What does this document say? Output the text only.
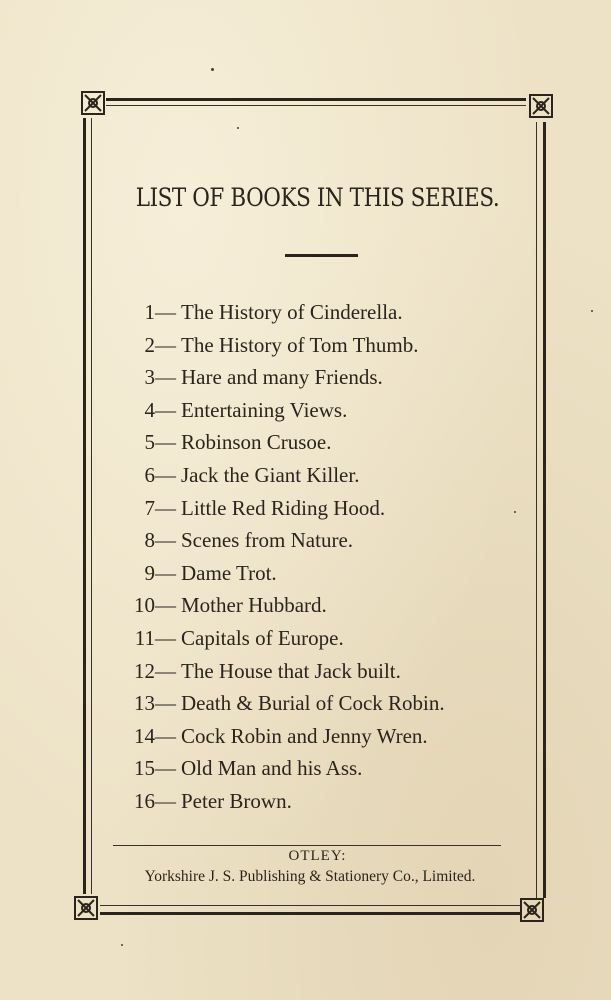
LIST OF BOOKS IN THIS SERIES.
1 — The History of Cinderella.
2 — The History of Tom Thumb.
3 — Hare and many Friends.
4 — Entertaining Views.
5 — Robinson Crusoe.
6 — Jack the Giant Killer.
7 — Little Red Riding Hood.
8 — Scenes from Nature.
9 — Dame Trot.
10 — Mother Hubbard.
11 — Capitals of Europe.
12 — The House that Jack built.
13 — Death & Burial of Cock Robin.
14 — Cock Robin and Jenny Wren.
15 — Old Man and his Ass.
16 — Peter Brown.
OTLEY:
Yorkshire J. S. Publishing & Stationery Co., Limited.
